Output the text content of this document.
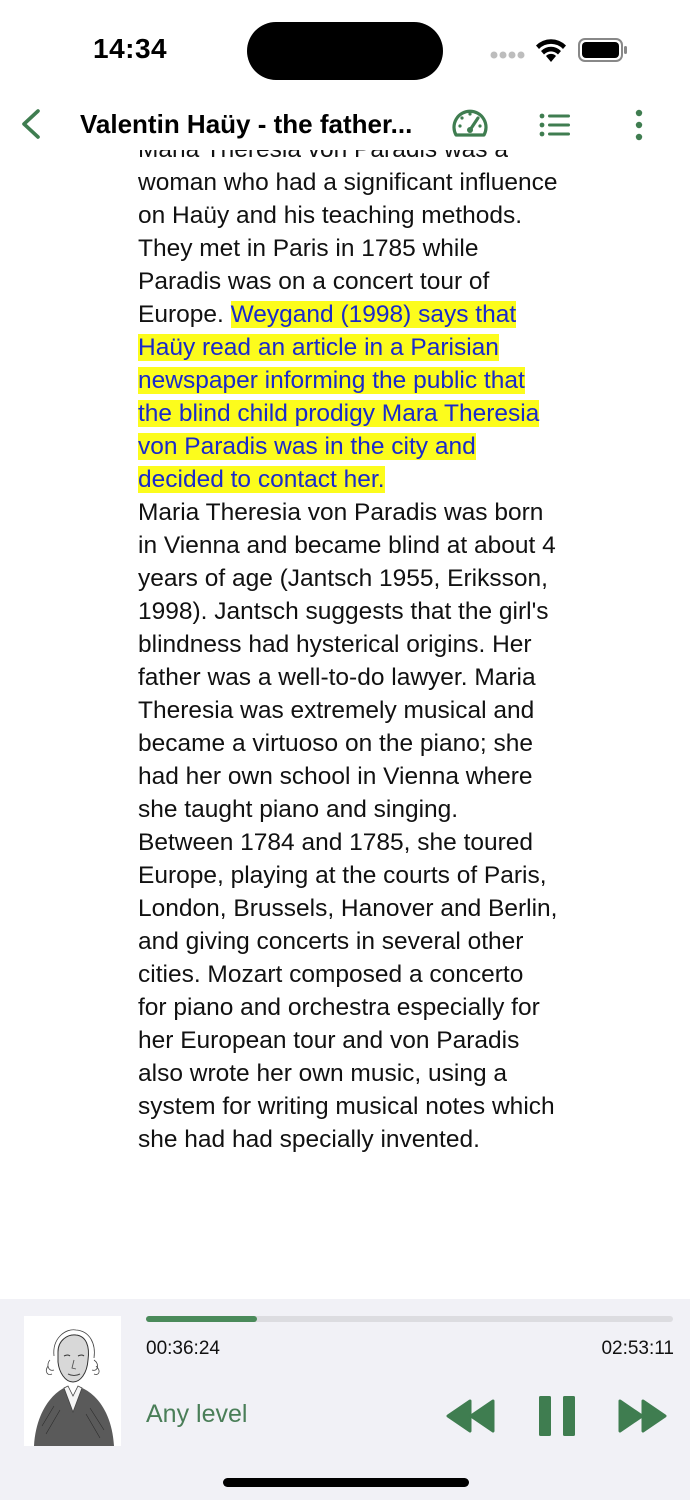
14:34
Valentin Haüy - the father...

woman who had a significant influence on Haüy and his teaching methods. They met in Paris in 1785 while Paradis was on a concert tour of Europe. Weygand (1998) says that Haüy read an article in a Parisian newspaper informing the public that the blind child prodigy Mara Theresia von Paradis was in the city and decided to contact her.

Maria Theresia von Paradis was born in Vienna and became blind at about 4 years of age (Jantsch 1955, Eriksson, 1998). Jantsch suggests that the girl's blindness had hysterical origins. Her father was a well-to-do lawyer. Maria Theresia was extremely musical and became a virtuoso on the piano; she had her own school in Vienna where she taught piano and singing. Between 1784 and 1785, she toured Europe, playing at the courts of Paris, London, Brussels, Hanover and Berlin, and giving concerts in several other cities. Mozart composed a concerto for piano and orchestra especially for her European tour and von Paradis also wrote her own music, using a system for writing musical notes which she had had specially invented.

00:36:24	02:53:11
Any level
